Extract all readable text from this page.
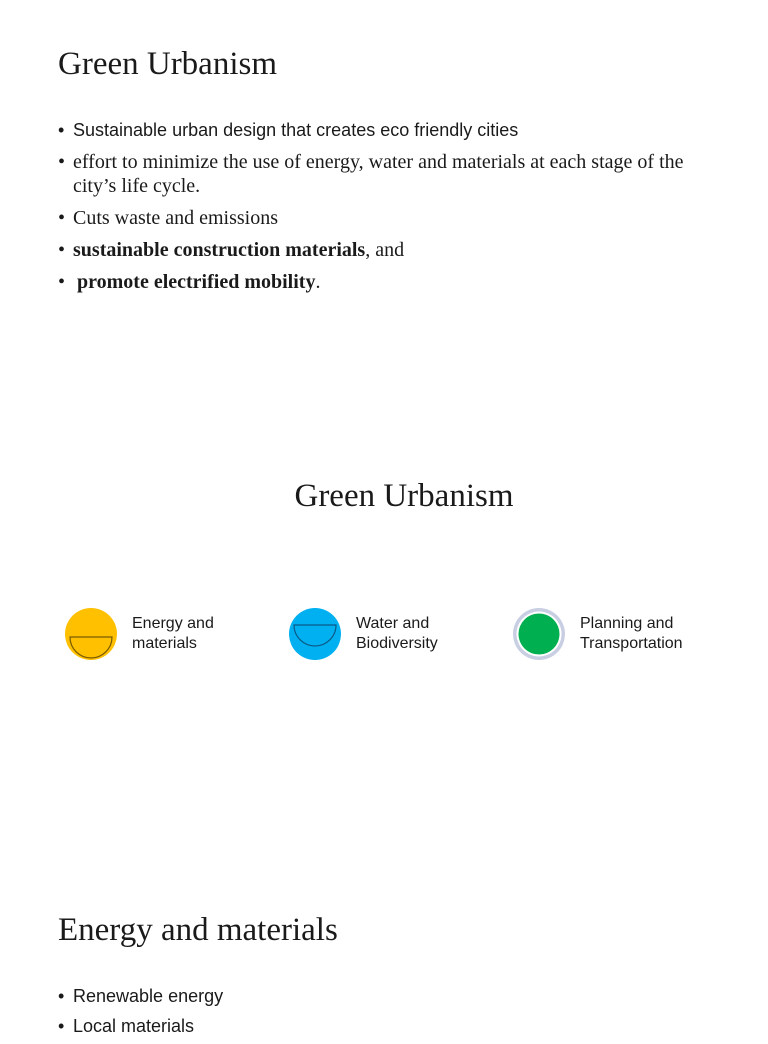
Green Urbanism
• Sustainable urban design that creates eco friendly cities
• effort to minimize the use of energy, water and materials at each stage of the city’s life cycle.
• Cuts waste and emissions
• sustainable construction materials, and
• promote electrified mobility.
Green Urbanism
Energy and
materials
Water and
Biodiversity
Planning and
Transportation
Energy and materials
• Renewable energy
• Local materials
